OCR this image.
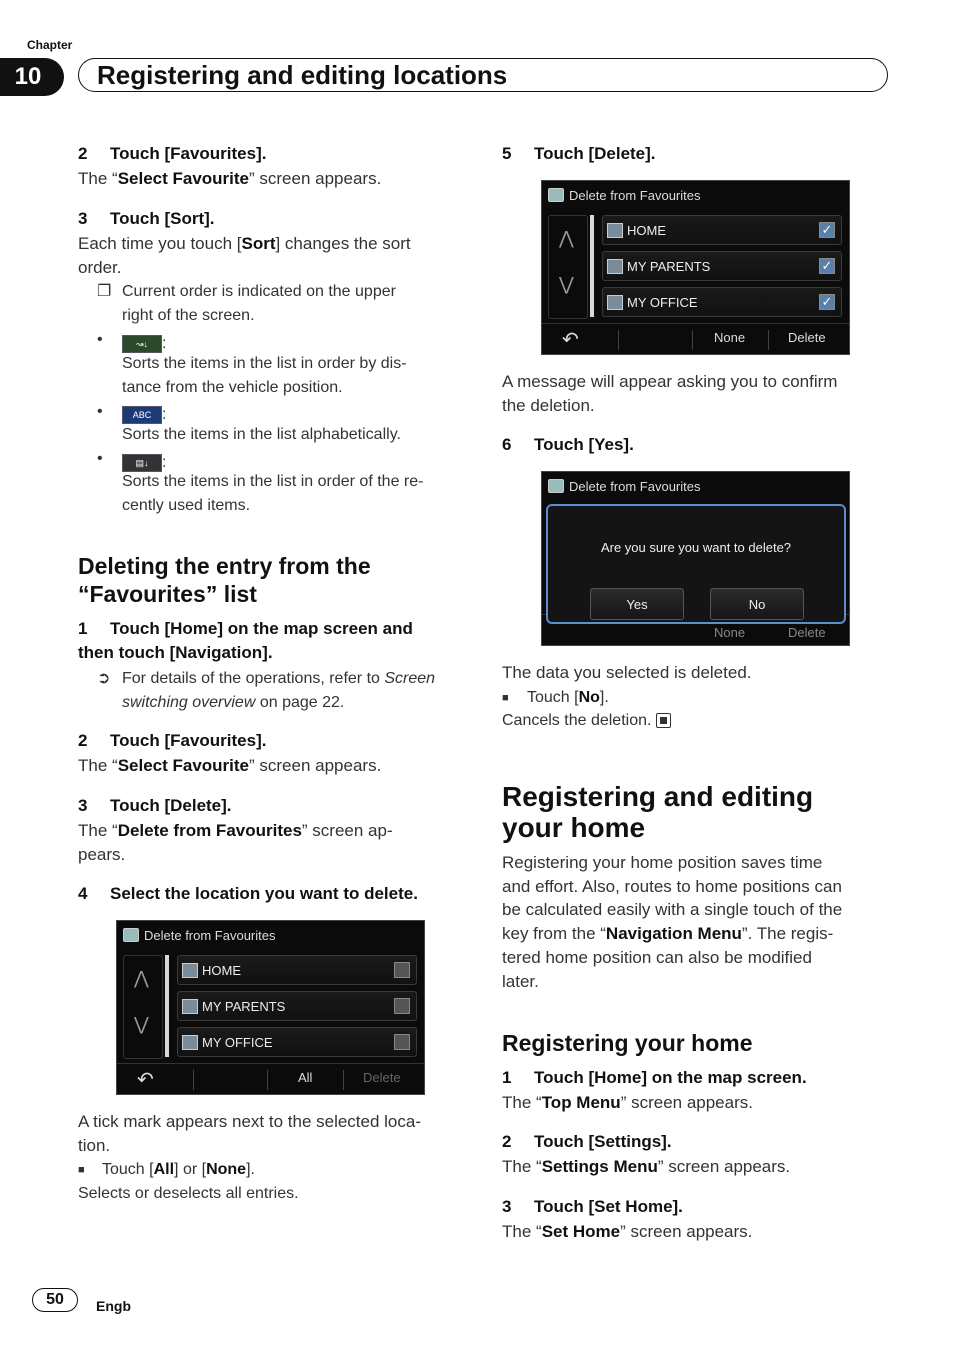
Chapter
10	Registering and editing locations
2 Touch [Favourites].
The “Select Favourite” screen appears.
3 Touch [Sort].
Each time you touch [Sort] changes the sort
order.
❐ Current order is indicated on the upper
right of the screen.
•	↝↓ :
Sorts the items in the list in order by dis-
tance from the vehicle position.
•	ABC :
Sorts the items in the list alphabetically.
•	▤↓ :
Sorts the items in the list in order of the re-
cently used items.
Deleting the entry from the
“Favourites” list
1 Touch [Home] on the map screen and
then touch [Navigation].
➲ For details of the operations, refer to Screen
switching overview on page 22.
2 Touch [Favourites].
The “Select Favourite” screen appears.
3 Touch [Delete].
The “Delete from Favourites” screen ap-
pears.
4 Select the location you want to delete.
Delete from Favourites
⋀
⋁
HOME
MY PARENTS
MY OFFICE
↶	All	Delete
A tick mark appears next to the selected loca-
tion.
■ Touch [All] or [None].
Selects or deselects all entries.
5 Touch [Delete].
Delete from Favourites
⋀
⋁
HOME	✓
MY PARENTS	✓
MY OFFICE	✓
↶	None	Delete
A message will appear asking you to confirm
the deletion.
6 Touch [Yes].
Delete from Favourites
None	Delete
Are you sure you want to delete?
Yes	No
The data you selected is deleted.
■ Touch [No].
Cancels the deletion.
Registering and editing
your home
Registering your home position saves time
and effort. Also, routes to home positions can
be calculated easily with a single touch of the
key from the “Navigation Menu”. The regis-
tered home position can also be modified
later.
Registering your home
1 Touch [Home] on the map screen.
The “Top Menu” screen appears.
2 Touch [Settings].
The “Settings Menu” screen appears.
3 Touch [Set Home].
The “Set Home” screen appears.
50	Engb
